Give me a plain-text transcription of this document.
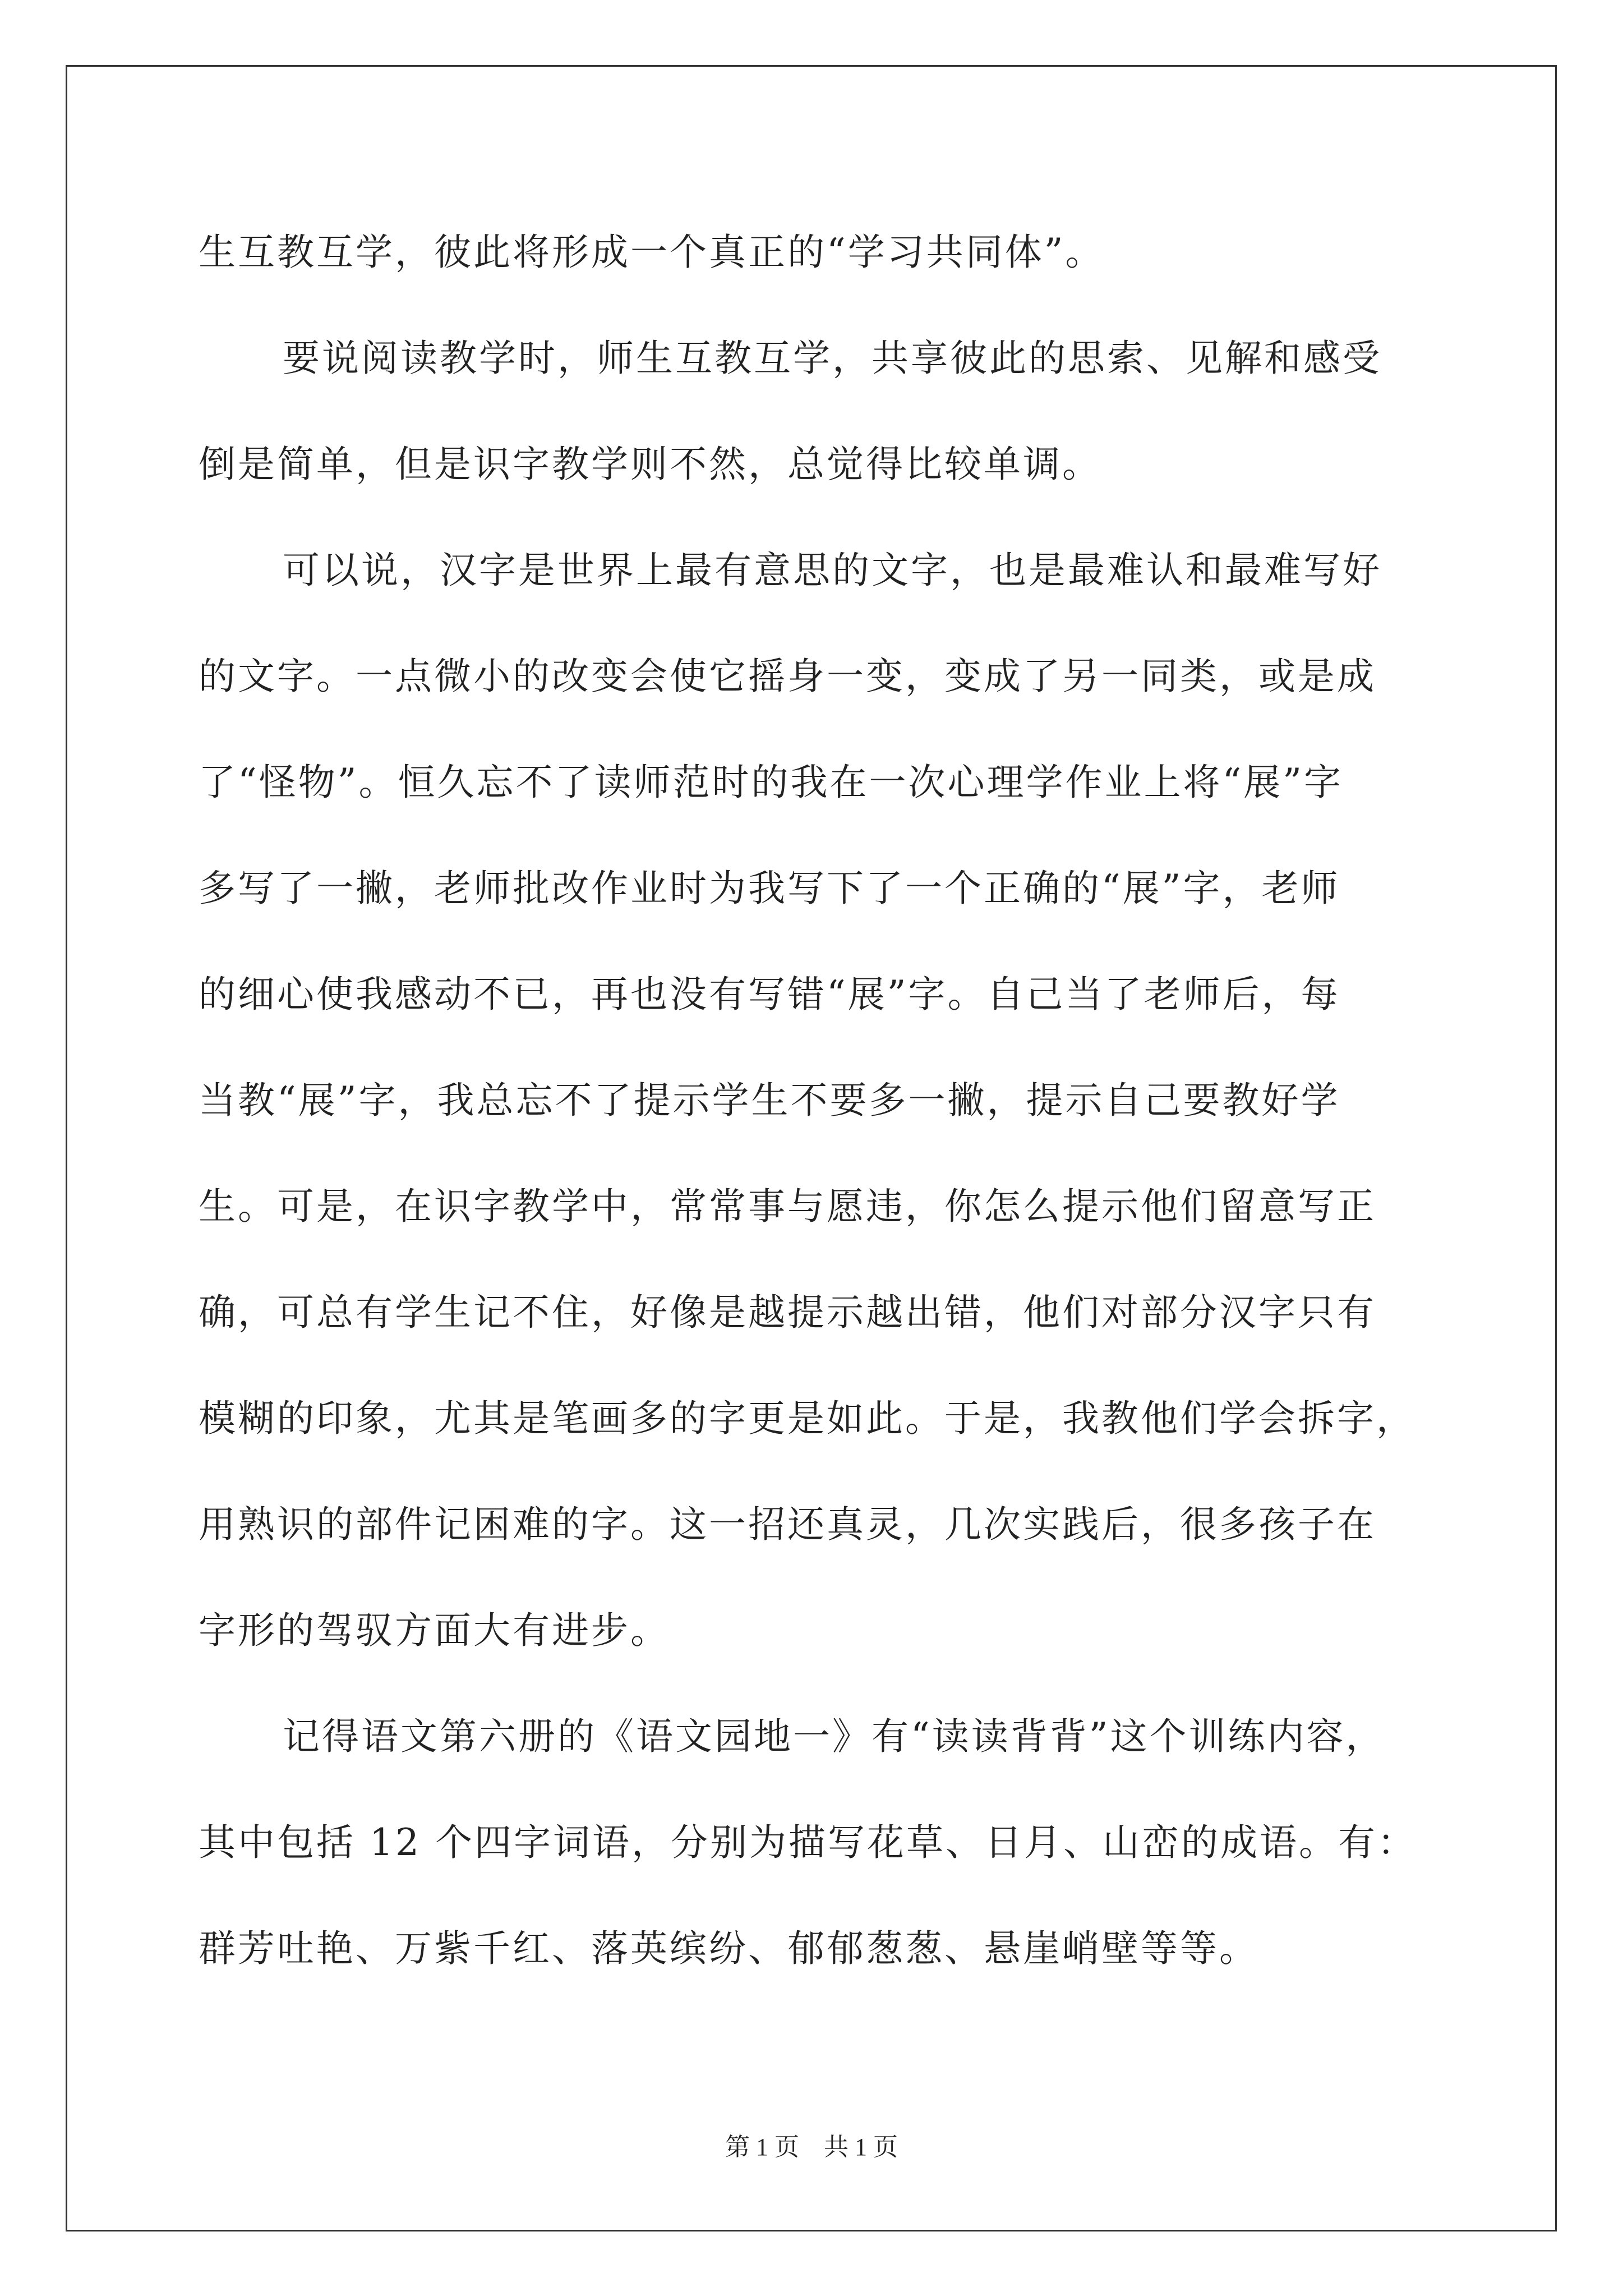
生互教互学，彼此将形成一个真正的“学习共同体”。
要说阅读教学时，师生互教互学，共享彼此的思索、见解和感受
倒是简单，但是识字教学则不然，总觉得比较单调。
可以说，汉字是世界上最有意思的文字，也是最难认和最难写好
的文字。一点微小的改变会使它摇身一变，变成了另一同类，或是成
了“怪物”。恒久忘不了读师范时的我在一次心理学作业上将“展”字
多写了一撇，老师批改作业时为我写下了一个正确的“展”字，老师
的细心使我感动不已，再也没有写错“展”字。自己当了老师后，每
当教“展”字，我总忘不了提示学生不要多一撇，提示自己要教好学
生。可是，在识字教学中，常常事与愿违，你怎么提示他们留意写正
确，可总有学生记不住，好像是越提示越出错，他们对部分汉字只有
模糊的印象，尤其是笔画多的字更是如此。于是，我教他们学会拆字，
用熟识的部件记困难的字。这一招还真灵，几次实践后，很多孩子在
字形的驾驭方面大有进步。
记得语文第六册的《语文园地一》有“读读背背”这个训练内容，
其中包括 12 个四字词语，分别为描写花草、日月、山峦的成语。有：
群芳吐艳、万紫千红、落英缤纷、郁郁葱葱、悬崖峭壁等等。
第 1 页　共 1 页
